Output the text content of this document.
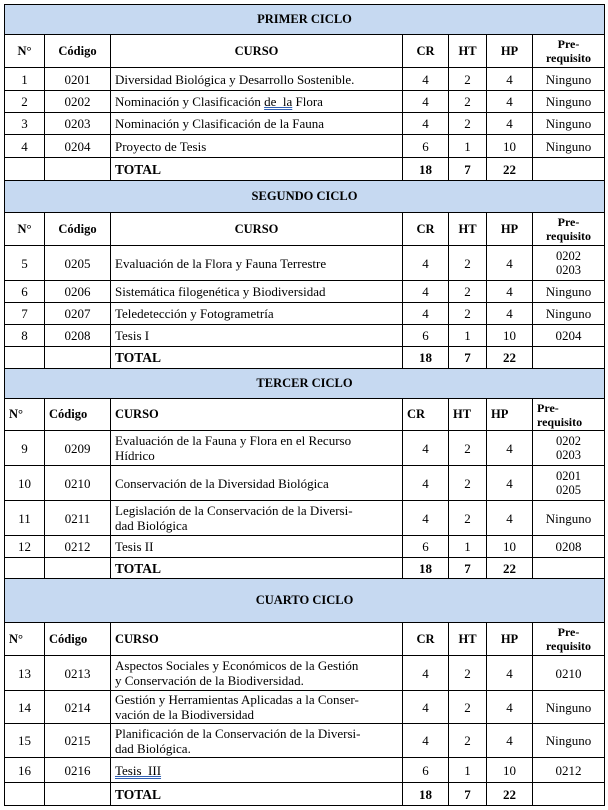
PRIMER CICLO						
N°	Código	CURSO	CR	HT	HP	Pre-
requisito
1	0201	Diversidad Biológica y Desarrollo Sostenible.	4	2	4	Ninguno
2	0202	Nominación y Clasificación de  la Flora	4	2	4	Ninguno
3	0203	Nominación y Clasificación de la Fauna	4	2	4	Ninguno
4	0204	Proyecto de Tesis	6	1	10	Ninguno
		TOTAL	18	7	22	
SEGUNDO CICLO						
N°	Código	CURSO	CR	HT	HP	Pre-
requisito
5	0205	Evaluación de la Flora y Fauna Terrestre	4	2	4	0202
0203
6	0206	Sistemática filogenética y Biodiversidad	4	2	4	Ninguno
7	0207	Teledetección y Fotogrametría	4	2	4	Ninguno
8	0208	Tesis I	6	1	10	0204
		TOTAL	18	7	22	
TERCER CICLO						
N°	Código	CURSO	CR	HT	HP	Pre-
requisito
9	0209	Evaluación de la Fauna y Flora en el Recurso
Hídrico	4	2	4	0202
0203
10	0210	Conservación de la Diversidad Biológica	4	2	4	0201
0205
11	0211	Legislación de la Conservación de la Diversi-
dad Biológica	4	2	4	Ninguno
12	0212	Tesis II	6	1	10	0208
		TOTAL	18	7	22	
CUARTO CICLO						
N°	Código	CURSO	CR	HT	HP	Pre-
requisito
13	0213	Aspectos Sociales y Económicos de la Gestión
y Conservación de la Biodiversidad.	4	2	4	0210
14	0214	Gestión y Herramientas Aplicadas a la Conser-
vación de la Biodiversidad	4	2	4	Ninguno
15	0215	Planificación de la Conservación de la Diversi-
dad Biológica.	4	2	4	Ninguno
16	0216	Tesis  III	6	1	10	0212
		TOTAL	18	7	22	
